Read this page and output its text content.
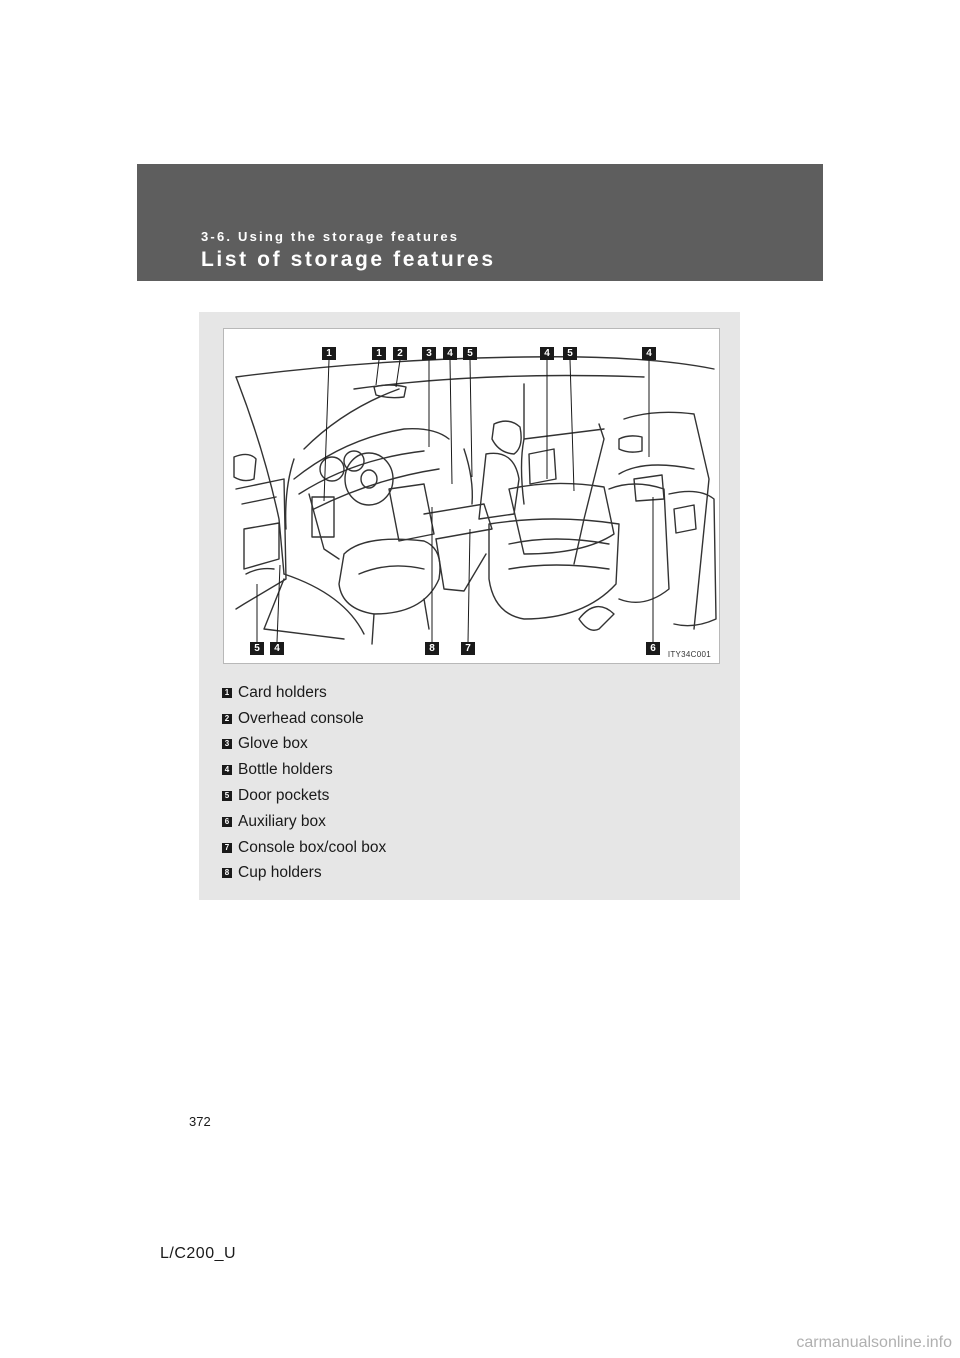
3-6. Using the storage features
List of storage features
1	1	2	3	4	5	4	5	4
5	4	8	7	6
ITY34C001
1 Card holders
2 Overhead console
3 Glove box
4 Bottle holders
5 Door pockets
6 Auxiliary box
7 Console box/cool box
8 Cup holders
372
L/C200_U
carmanualsonline.info
